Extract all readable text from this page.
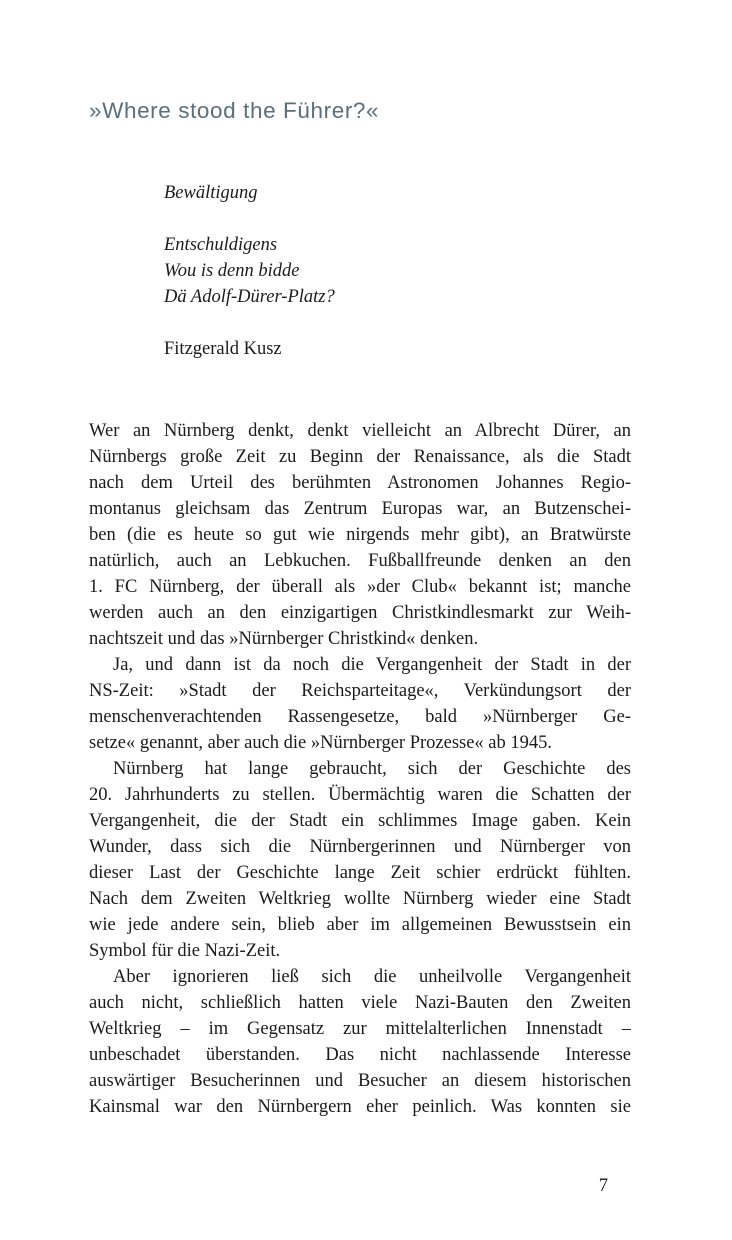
»Where stood the Führer?«

Bewältigung

Entschuldigens

Wou is denn bidde

Dä Adolf-Dürer-Platz?

Fitzgerald Kusz

Wer an Nürnberg denkt, denkt vielleicht an Albrecht Dürer, an
Nürnbergs große Zeit zu Beginn der Renaissance, als die Stadt
nach dem Urteil des berühmten Astronomen Johannes Regio-
montanus gleichsam das Zentrum Europas war, an Butzenschei-
ben (die es heute so gut wie nirgends mehr gibt), an Bratwürste
natürlich, auch an Lebkuchen. Fußballfreunde denken an den
1. FC Nürnberg, der überall als »der Club« bekannt ist; manche
werden auch an den einzigartigen Christkindlesmarkt zur Weih-
nachtszeit und das »Nürnberger Christkind« denken.
Ja, und dann ist da noch die Vergangenheit der Stadt in der
NS-Zeit: »Stadt der Reichsparteitage«, Verkündungsort der
menschenverachtenden Rassengesetze, bald »Nürnberger Ge-
setze« genannt, aber auch die »Nürnberger Prozesse« ab 1945.
Nürnberg hat lange gebraucht, sich der Geschichte des
20. Jahrhunderts zu stellen. Übermächtig waren die Schatten der
Vergangenheit, die der Stadt ein schlimmes Image gaben. Kein
Wunder, dass sich die Nürnbergerinnen und Nürnberger von
dieser Last der Geschichte lange Zeit schier erdrückt fühlten.
Nach dem Zweiten Weltkrieg wollte Nürnberg wieder eine Stadt
wie jede andere sein, blieb aber im allgemeinen Bewusstsein ein
Symbol für die Nazi-Zeit.
Aber ignorieren ließ sich die unheilvolle Vergangenheit
auch nicht, schließlich hatten viele Nazi-Bauten den Zweiten
Weltkrieg – im Gegensatz zur mittelalterlichen Innenstadt –
unbeschadet überstanden. Das nicht nachlassende Interesse
auswärtiger Besucherinnen und Besucher an diesem historischen
Kainsmal war den Nürnbergern eher peinlich. Was konnten sie

7
